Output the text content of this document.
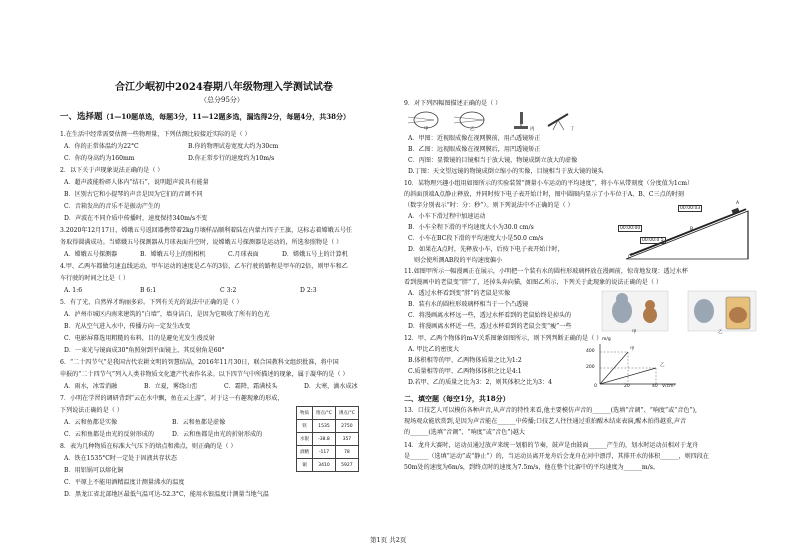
合江少岷初中2024春期八年级物理入学测试试卷
（总分95分）
一、选择题（1—10题单选，每题3分，11—12题多选，漏选得2分，每题4分，共38分）
1.在生活中经常需要估测一些物理量，下列估测比较接近实际的是（ ）
A．你的正常体温约为22°C	B.你的物理试卷宽度大约为30cm
C．你的身高约为160mm	D.你正常步行的速度约为10m/s
2．以下关于声现象说法正确的是（ ）
A．超声波能粉碎人体内“结石”，说明超声波具有能量
B．区别古它和小提琴的声音是因为它们的音调不同
C．音箱发出的音乐不是振动产生的
D．声波在不同介质中传播时，速度保持340m/s不变
3.2020年12月17日，嫦娥五号返回器携带着2kg月壤样品顺利着陆在内蒙古四子王旗，这标志着嫦娥五号任
务取得圆满成功。当嫦娥五号探测器从月球表面升空时，说嫦娥五号探测器是运动的，所选参照物是（ ）
A．嫦娥五号探测器	B．嫦娥五号上的照相机	C.月球表面	D．嫦娥五号上的计算机
4.甲、乙两车都做匀速直线运动，甲车运动的速度是乙车的3倍，乙车行驶的路程是甲车的2倍，则甲车和乙
车行驶的时间之比是（ ）
A. 1:6	B 6:1	C 3:2	D 2:3
5．有了光，自然界才绚丽多彩。下列有关光的说法中正确的是（ ）
A．泸州市城区内南来建筑的“白墙”，墙身洁白，是因为它吸收了所有的色光
B．光从空气进入水中，传播方向一定发生改变
C．电影屏幕选用粗糙的布料，目的是避免光发生漫反射
D．一束光与镜面成30°角照射到平面镜上，其反射角是60°
6．“二十四节气”是我国古代农耕文明的智慧结晶，2016年11月30日，联合国教科文组织批准，将中国
申报的“二十四节气”列入人类非物质文化遗产代表作名录。以下四节气中所描述的现象，属于凝华的是（ ）
A．雨水，冰雪消融	B．立夏，雾绕山峦	C．霜降，霜满枝头	D．大寒，滴水成冰
7．小明在学習的调研背到“云在水中飘，鱼在云上游”，对于这一有趣现象的形成，
下列说法正确的是（ ）
A．云和鱼都是实像	B．云和鱼都是虚像
C．云和鱼都是由光的反射形成的	D．云和鱼都是由光的折射形成的
8．表为几种物质在标准大气压下的熔点和沸点，则正确的是（ ）
A．铁在1535°C时一定处于固液共存状态
B．用铝锅可以熔化铜
C．平原上不能用酒精温度计测量沸水的温度
D．黑龙江省北部地区最低气温可达-52.3°C，能用水银温度计测量当地气温
物质	熔点/°C	沸点/°C
铁	1535	2750
水银	-38.8	357
酒精	-117	78
铜	3410	5927
9．对下列四幅图描述正确的是（ ）
甲	乙	丙	丁
A．甲图：近视眼成像在视网膜前，用凸透镜矫正
B．乙图：远视眼成像在视网膜后，用凹透镜矫正
C．丙图：显微镜的目镜相当于放大镜，物镜成倒立放大的虚像
D.丁图：天文望远镜的物镜成倒立缩小的实像，目镜相当于放大镜的镜头
10．某物理兴趣小组用如图所示的实验装置“测量小车运动的平均速度”，将小车从带刻度（分度值为1cm）
的斜面顶端A点静止释放，并同时按下电子表开始计时，图中圆圈内显示了小车位于A、B、C三点的时刻
（数字分别表示“时：分：秒”）。则下列说法中不正确的是（ ）
A．小车下滑过程中加速运动
B．小车全程下滑的平均速度大小为30.0 cm/s
C．小车在BC段下滑的平均速度大小是50.0 cm/s
D．如果在A点时，先释放小车，后按下电子表开始计时，
则会使所测AB段的平均速度偏小
00:00:03
00:00:00
00:00:0 5
A
B
C
11.如图甲所示一幅漫画正在展示，小明把一个装有水的圆柱形玻璃杯放在漫画前，惊奇地发现：透过水杯
看到漫画中的老鼠变“胖”了，还掉头奔向猫，如图乙所示，下列关于此现象的说法正确的是（ ）
A．透过水杯看到变“胖”的老鼠是实像
B．装有水的圆柱形玻璃杯相当于一个凸透镜
C．将漫画离水杯远一些，透过水杯看到的老鼠始终是掉头的
D．将漫画离水杯近一些，透过水杯看到的老鼠会变“瘦”一些
甲	乙
12．甲、乙两个物体的m-V关系图象如图所示，则下列判断正确的是（ ）
A. 甲比乙的密度大
B.体积相等的甲、乙两物体质量之比为1:2
C.质量相等的甲、乙两物体体积之比是4:1
D.若甲、乙的质量之比为3：2，则其体积之比为3：4
m/g
V/cm³
400
200
0	20	40
甲
乙
二、填空题（每空1分，共18分）
13．口技艺人可以模仿各种声音,从声音的特性来看,他主要模仿声音的______(选填“音调”、“响度”或“音色”),
现场观众能欣赏到,是因为声音能在______中传播;口技艺人往往通过重拍醒木结束表演,醒木拍得越重,声音
的______(选填“音调”、“响度”或“音色”)越大
14．龙舟大赛时，运动员通过放声来统一划船的节奏，鼓声是由鼓面______产生的，划水时运动员相对于龙舟
是______（选填“运动”或“静止”）的，当运动员离开龙舟后会龙舟在河中漂浮，其排开水的体积______，则四段在
50m处的速度为6m/s，到终点时的速度为7.5m/s，他在整个比赛中的平均速度为______m/s。
第1页 共2页
